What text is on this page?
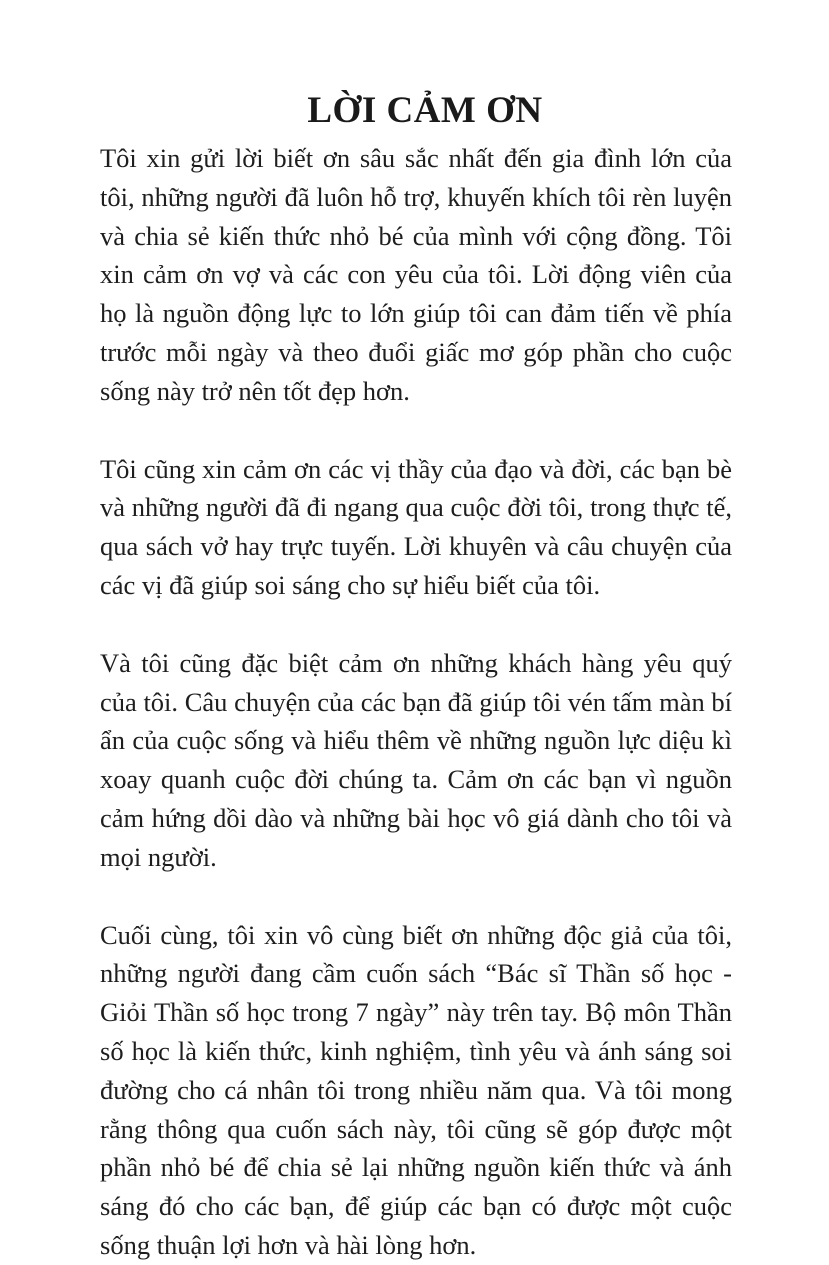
LỜI CẢM ƠN

Tôi xin gửi lời biết ơn sâu sắc nhất đến gia đình lớn của tôi, những người đã luôn hỗ trợ, khuyến khích tôi rèn luyện và chia sẻ kiến thức nhỏ bé của mình với cộng đồng. Tôi xin cảm ơn vợ và các con yêu của tôi. Lời động viên của họ là nguồn động lực to lớn giúp tôi can đảm tiến về phía trước mỗi ngày và theo đuổi giấc mơ góp phần cho cuộc sống này trở nên tốt đẹp hơn.

Tôi cũng xin cảm ơn các vị thầy của đạo và đời, các bạn bè và những người đã đi ngang qua cuộc đời tôi, trong thực tế, qua sách vở hay trực tuyến. Lời khuyên và câu chuyện của các vị đã giúp soi sáng cho sự hiểu biết của tôi.

Và tôi cũng đặc biệt cảm ơn những khách hàng yêu quý của tôi. Câu chuyện của các bạn đã giúp tôi vén tấm màn bí ẩn của cuộc sống và hiểu thêm về những nguồn lực diệu kì xoay quanh cuộc đời chúng ta. Cảm ơn các bạn vì nguồn cảm hứng dồi dào và những bài học vô giá dành cho tôi và mọi người.

Cuối cùng, tôi xin vô cùng biết ơn những độc giả của tôi, những người đang cầm cuốn sách “Bác sĩ Thần số học - Giỏi Thần số học trong 7 ngày” này trên tay. Bộ môn Thần số học là kiến thức, kinh nghiệm, tình yêu và ánh sáng soi đường cho cá nhân tôi trong nhiều năm qua. Và tôi mong rằng thông qua cuốn sách này, tôi cũng sẽ góp được một phần nhỏ bé để chia sẻ lại những nguồn kiến thức và ánh sáng đó cho các bạn, để giúp các bạn có được một cuộc sống thuận lợi hơn và hài lòng hơn.
